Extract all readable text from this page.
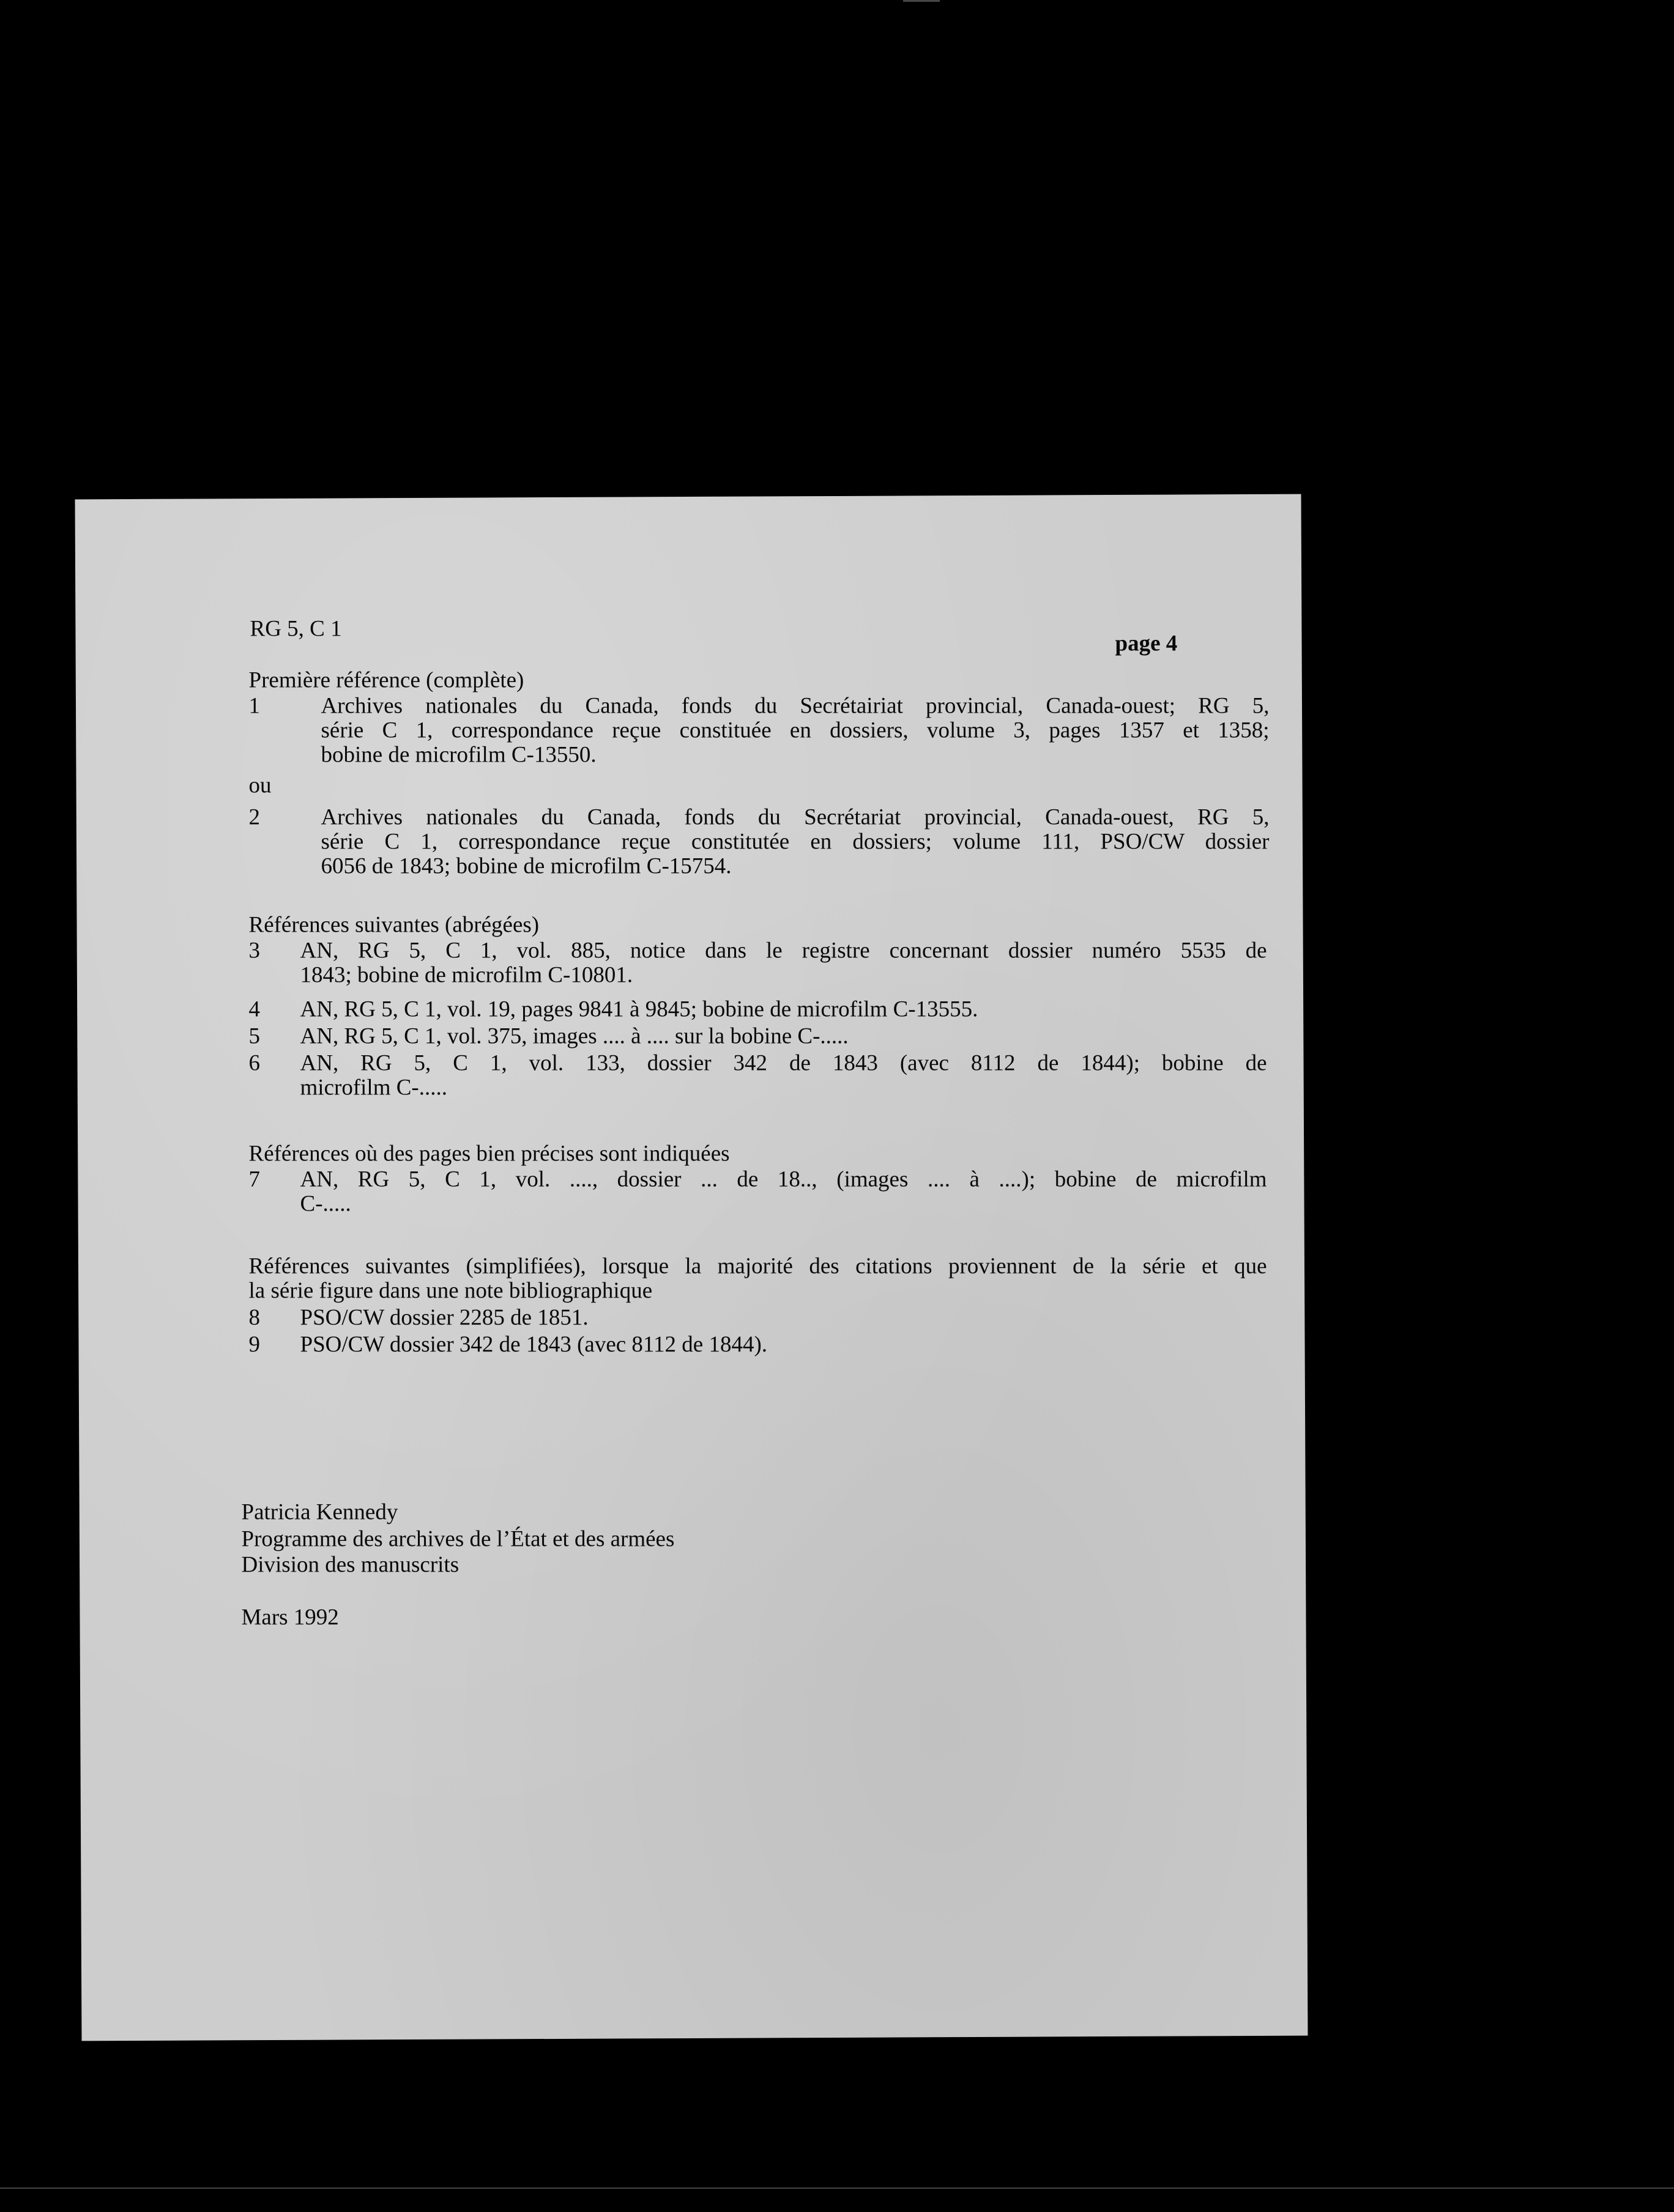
RG 5, C 1
page 4
Première référence (complète)
1	Archives nationales du Canada, fonds du Secrétairiat provincial, Canada-ouest; RG 5,
série C 1, correspondance reçue constituée en dossiers, volume 3, pages 1357 et 1358;
bobine de microfilm C-13550.
ou
2	Archives nationales du Canada, fonds du Secrétariat provincial, Canada-ouest, RG 5,
série C 1, correspondance reçue constitutée en dossiers; volume 111, PSO/CW dossier
6056 de 1843; bobine de microfilm C-15754.
Références suivantes (abrégées)
3	AN, RG 5, C 1, vol. 885, notice dans le registre concernant dossier numéro 5535 de
1843; bobine de microfilm C-10801.
4	AN, RG 5, C 1, vol. 19, pages 9841 à 9845; bobine de microfilm C-13555.
5	AN, RG 5, C 1, vol. 375, images .... à .... sur la bobine C-.....
6	AN, RG 5, C 1, vol. 133, dossier 342 de 1843 (avec 8112 de 1844); bobine de
microfilm C-.....
Références où des pages bien précises sont indiquées
7	AN, RG 5, C 1, vol. ...., dossier ... de 18.., (images .... à ....); bobine de microfilm
C-.....
Références suivantes (simplifiées), lorsque la majorité des citations proviennent de la série et que
la série figure dans une note bibliographique
8	PSO/CW dossier 2285 de 1851.
9	PSO/CW dossier 342 de 1843 (avec 8112 de 1844).
Patricia Kennedy
Programme des archives de l’État et des armées
Division des manuscrits
Mars 1992
